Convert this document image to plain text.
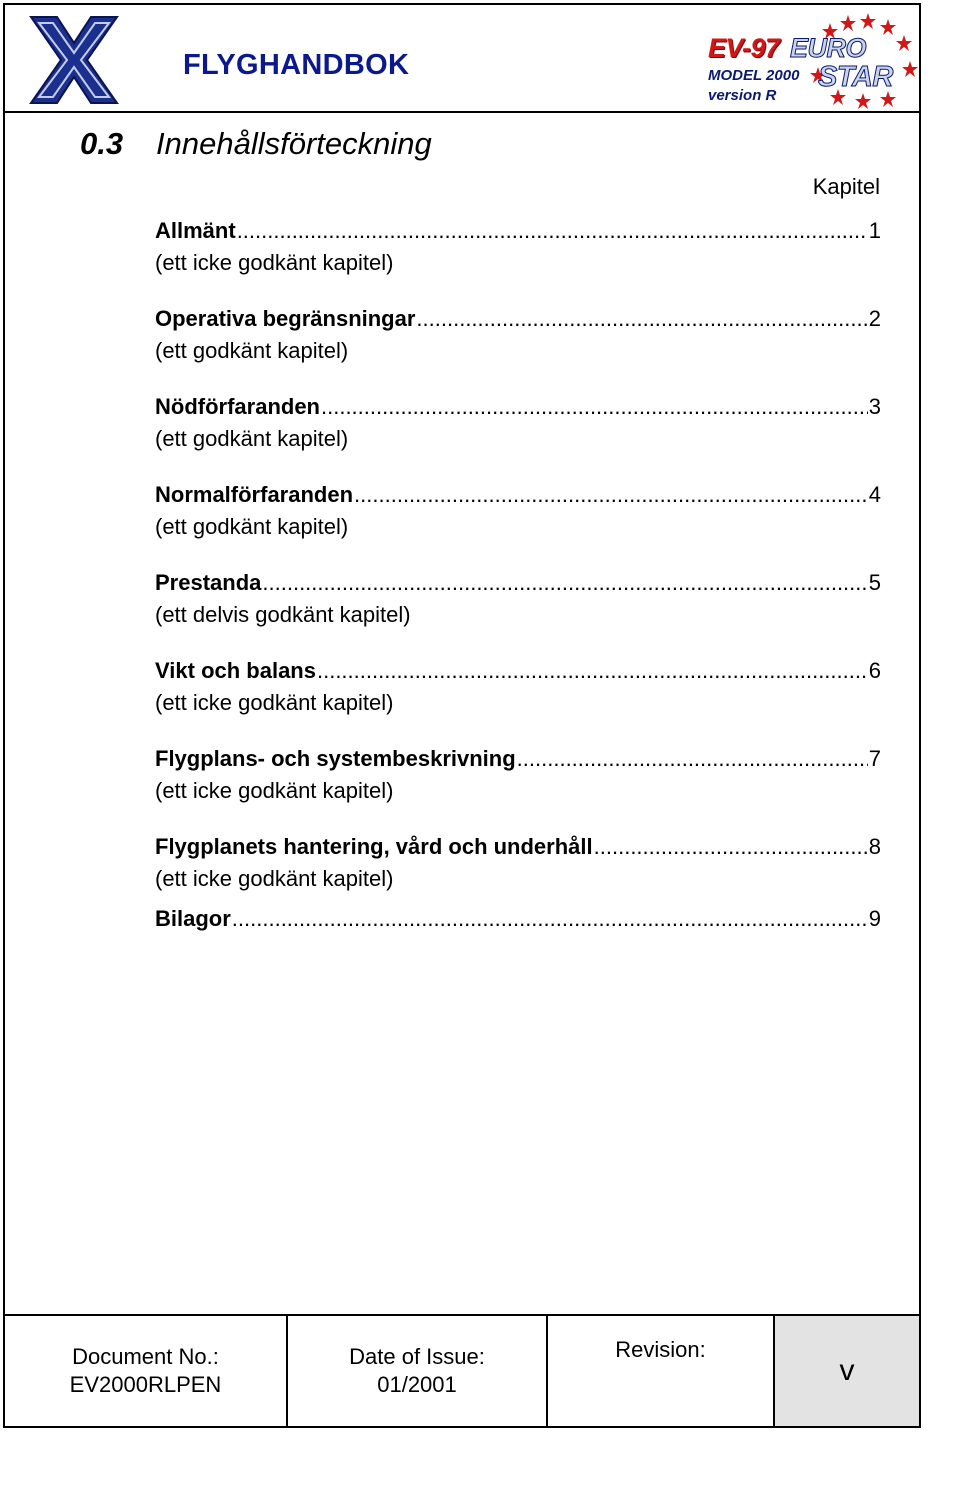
FLYGHANDBOK
EV-97 EURO
STAR
MODEL 2000
version R
0.3 Innehållsförteckning
Kapitel
Allmänt .....	1
(ett icke godkänt kapitel)
Operativa begränsningar .....	2
(ett godkänt kapitel)
Nödförfaranden .....	3
(ett godkänt kapitel)
Normalförfaranden .....	4
(ett godkänt kapitel)
Prestanda .....	5
(ett delvis godkänt kapitel)
Vikt och balans .....	6
(ett icke godkänt kapitel)
Flygplans- och systembeskrivning .....	7
(ett icke godkänt kapitel)
Flygplanets hantering, vård och underhåll .....	8
(ett icke godkänt kapitel)
Bilagor .....	9
Document No.:
EV2000RLPEN
Date of Issue:
01/2001
Revision:
v
